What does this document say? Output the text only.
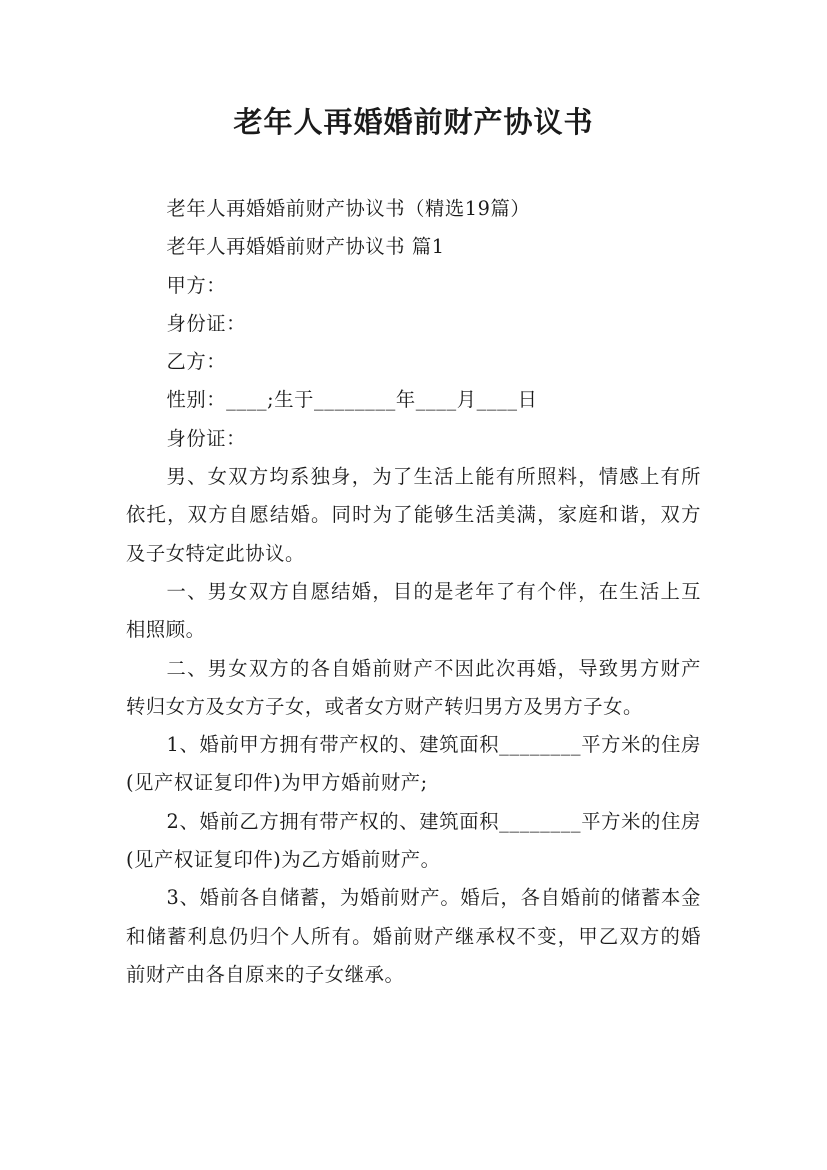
老年人再婚婚前财产协议书

老年人再婚婚前财产协议书（精选19篇）

老年人再婚婚前财产协议书 篇1

甲方：

身份证：

乙方：

性别：____;生于________年____月____日

身份证：

男、女双方均系独身，为了生活上能有所照料，情感上有所依托，双方自愿结婚。同时为了能够生活美满，家庭和谐，双方及子女特定此协议。

一、男女双方自愿结婚，目的是老年了有个伴，在生活上互相照顾。

二、男女双方的各自婚前财产不因此次再婚，导致男方财产转归女方及女方子女，或者女方财产转归男方及男方子女。

1、婚前甲方拥有带产权的、建筑面积________平方米的住房(见产权证复印件)为甲方婚前财产;

2、婚前乙方拥有带产权的、建筑面积________平方米的住房(见产权证复印件)为乙方婚前财产。

3、婚前各自储蓄，为婚前财产。婚后，各自婚前的储蓄本金和储蓄利息仍归个人所有。婚前财产继承权不变，甲乙双方的婚前财产由各自原来的子女继承。
